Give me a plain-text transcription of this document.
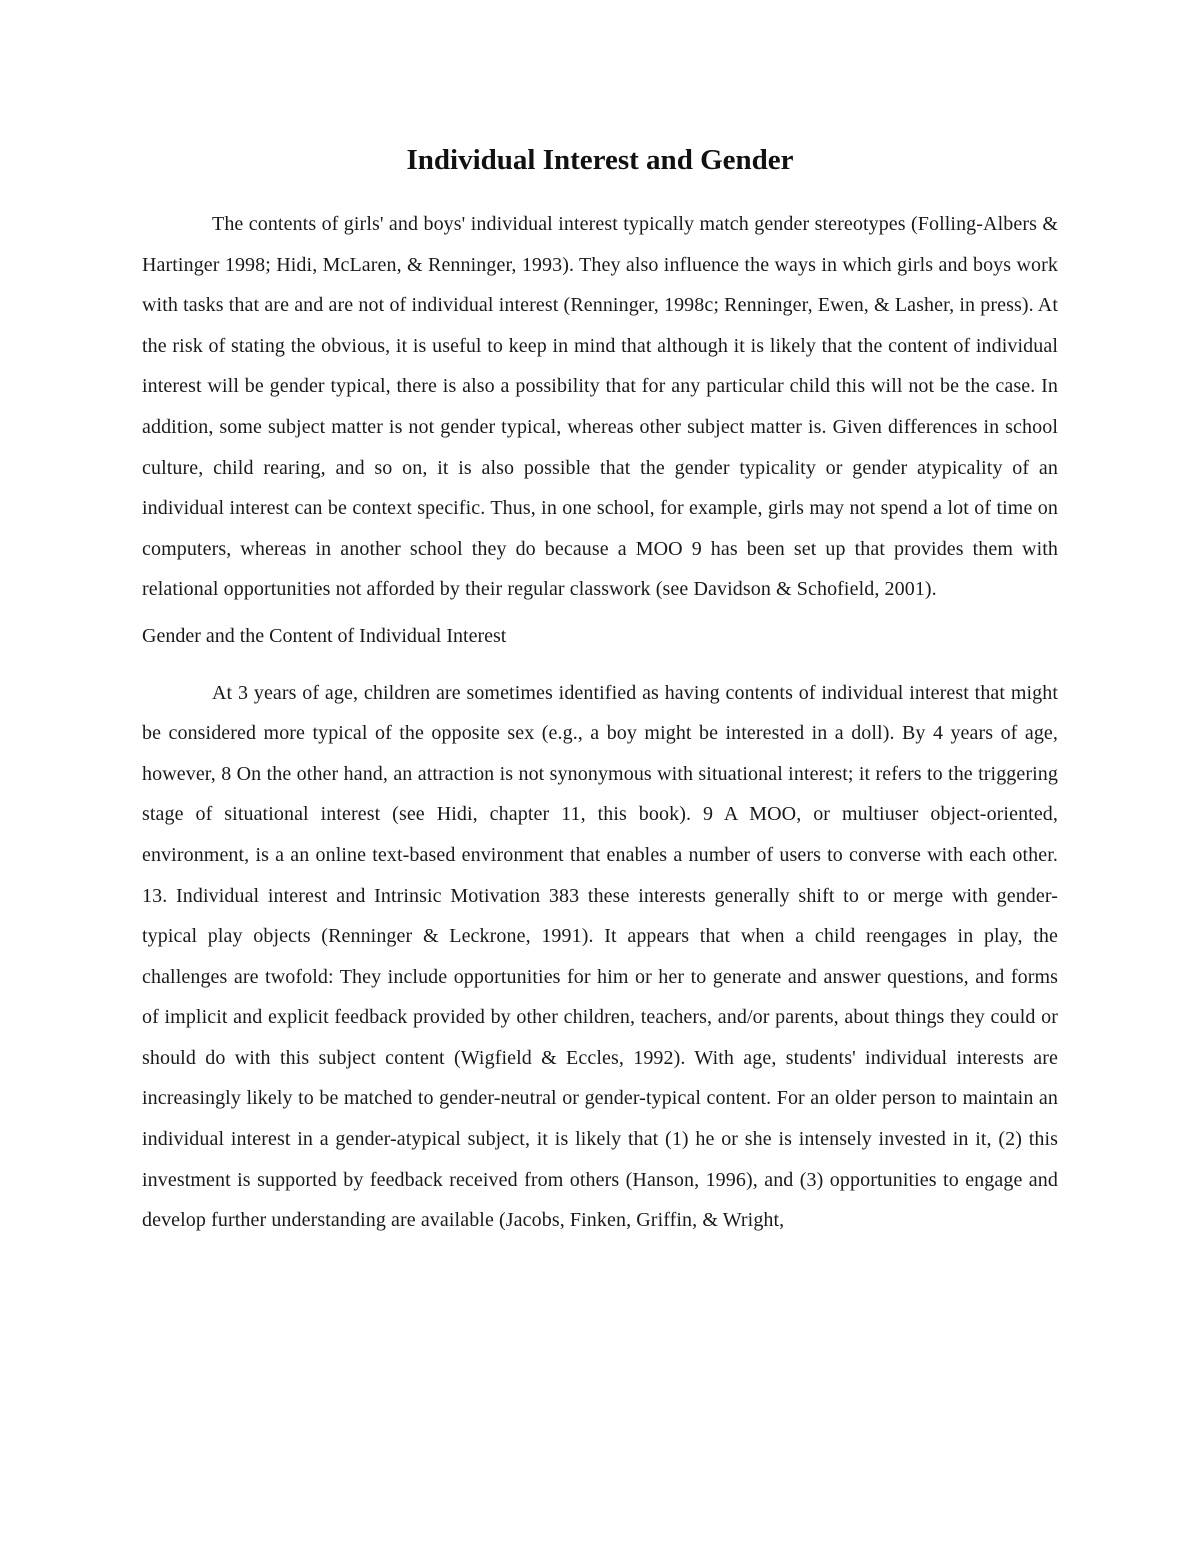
Individual Interest and Gender

The contents of girls' and boys' individual interest typically match gender stereotypes (Folling-Albers & Hartinger 1998; Hidi, McLaren, & Renninger, 1993). They also influence the ways in which girls and boys work with tasks that are and are not of individual interest (Renninger, 1998c; Renninger, Ewen, & Lasher, in press). At the risk of stating the obvious, it is useful to keep in mind that although it is likely that the content of individual interest will be gender typical, there is also a possibility that for any particular child this will not be the case. In addition, some subject matter is not gender typical, whereas other subject matter is. Given differences in school culture, child rearing, and so on, it is also possible that the gender typicality or gender atypicality of an individual interest can be context specific. Thus, in one school, for example, girls may not spend a lot of time on computers, whereas in another school they do because a MOO 9 has been set up that provides them with relational opportunities not afforded by their regular classwork (see Davidson & Schofield, 2001).

Gender and the Content of Individual Interest

At 3 years of age, children are sometimes identified as having contents of individual interest that might be considered more typical of the opposite sex (e.g., a boy might be interested in a doll). By 4 years of age, however, 8 On the other hand, an attraction is not synonymous with situational interest; it refers to the triggering stage of situational interest (see Hidi, chapter 11, this book). 9 A MOO, or multiuser object-oriented, environment, is a an online text-based environment that enables a number of users to converse with each other. 13. Individual interest and Intrinsic Motivation 383 these interests generally shift to or merge with gender-typical play objects (Renninger & Leckrone, 1991). It appears that when a child reengages in play, the challenges are twofold: They include opportunities for him or her to generate and answer questions, and forms of implicit and explicit feedback provided by other children, teachers, and/or parents, about things they could or should do with this subject content (Wigfield & Eccles, 1992). With age, students' individual interests are increasingly likely to be matched to gender-neutral or gender-typical content. For an older person to maintain an individual interest in a gender-atypical subject, it is likely that (1) he or she is intensely invested in it, (2) this investment is supported by feedback received from others (Hanson, 1996), and (3) opportunities to engage and develop further understanding are available (Jacobs, Finken, Griffin, & Wright,
